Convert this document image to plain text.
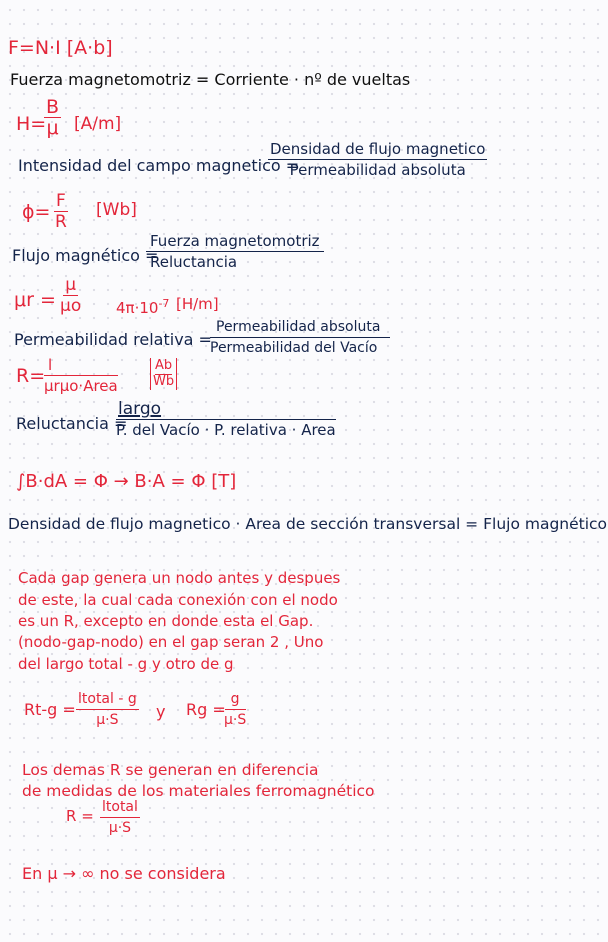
F=N·I [A·b]
Fuerza magnetomotriz = Corriente · nº de vueltas
H=
$\frac{B}{\mu} [A/m]$
Intensidad del campo magnetico =
Densidad de flujo magnetico
Permeabilidad absoluta
$\phi= \frac{F}{R} [Wb]$
Flujo magnético =
Fuerza magnetomotriz
Reluctancia
$\mu r = \frac{\mu}{\mu o} 4\pi\cdot 10^{-7}$ [H/m]
Permeabilidad relativa =
Permeabilidad absoluta
Permeabilidad del Vacío
R= l
μrμo·Area
Ab
Wb
Reluctancia =
largo
P. del Vacío · P. relativa · Area
∫B·dA = Φ → B·A = Φ [T]
Densidad de flujo magnetico · Area de sección transversal = Flujo magnético
Cada gap genera un nodo antes y despues
de este, la cual cada conexión con el nodo
es un R, excepto en donde esta el Gap.
(nodo-gap-nodo) en el gap seran 2 , Uno
del largo total - g y otro de g
Rt-g =
ltotal - g
μ·S y Rg =
$\frac{g}{\mu\cdot S}$
Los demas R se generan en diferencia
de medidas de los materiales ferromagnético
R = ltotal
μ·S
En μ → ∞ no se considera
